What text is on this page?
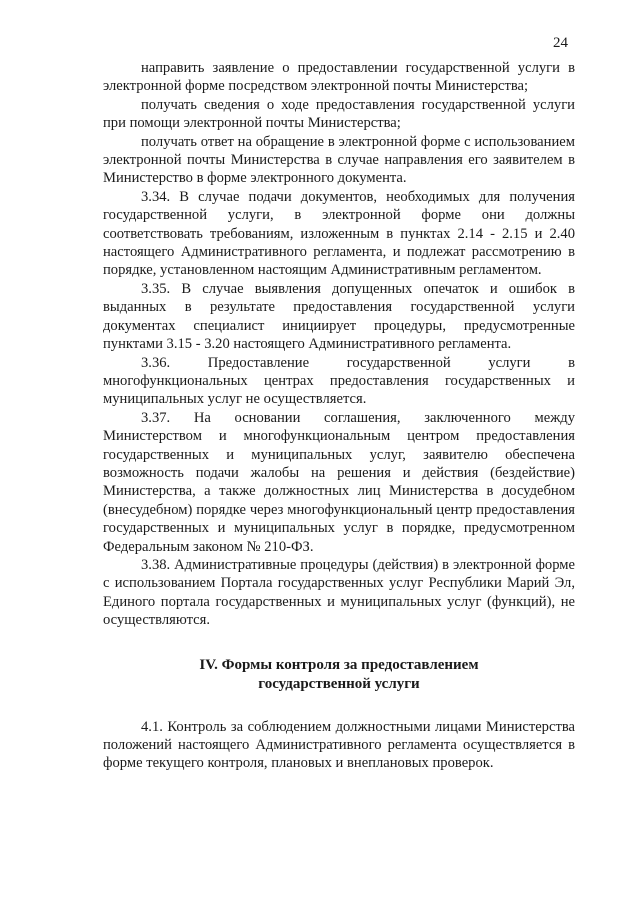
24

направить заявление о предоставлении государственной услуги в электронной форме посредством электронной почты Министерства;

получать сведения о ходе предоставления государственной услуги при помощи электронной почты Министерства;

получать ответ на обращение в электронной форме с использованием электронной почты Министерства в случае направления его заявителем в Министерство в форме электронного документа.

3.34. В случае подачи документов, необходимых для получения государственной услуги, в электронной форме они должны соответствовать требованиям, изложенным в пунктах 2.14 - 2.15 и 2.40 настоящего Административного регламента, и подлежат рассмотрению в порядке, установленном настоящим Административным регламентом.

3.35. В случае выявления допущенных опечаток и ошибок в выданных в результате предоставления государственной услуги документах специалист инициирует процедуры, предусмотренные пунктами 3.15 - 3.20 настоящего Административного регламента.

3.36. Предоставление государственной услуги в многофункциональных центрах предоставления государственных и муниципальных услуг не осуществляется.

3.37. На основании соглашения, заключенного между Министерством и многофункциональным центром предоставления государственных и муниципальных услуг, заявителю обеспечена возможность подачи жалобы на решения и действия (бездействие) Министерства, а также должностных лиц Министерства в досудебном (внесудебном) порядке через многофункциональный центр предоставления государственных и муниципальных услуг в порядке, предусмотренном Федеральным законом № 210-ФЗ.

3.38. Административные процедуры (действия) в электронной форме с использованием Портала государственных услуг Республики Марий Эл, Единого портала государственных и муниципальных услуг (функций), не осуществляются.

IV. Формы контроля за предоставлением
государственной услуги

4.1. Контроль за соблюдением должностными лицами Министерства положений настоящего Административного регламента осуществляется в форме текущего контроля, плановых и внеплановых проверок.
